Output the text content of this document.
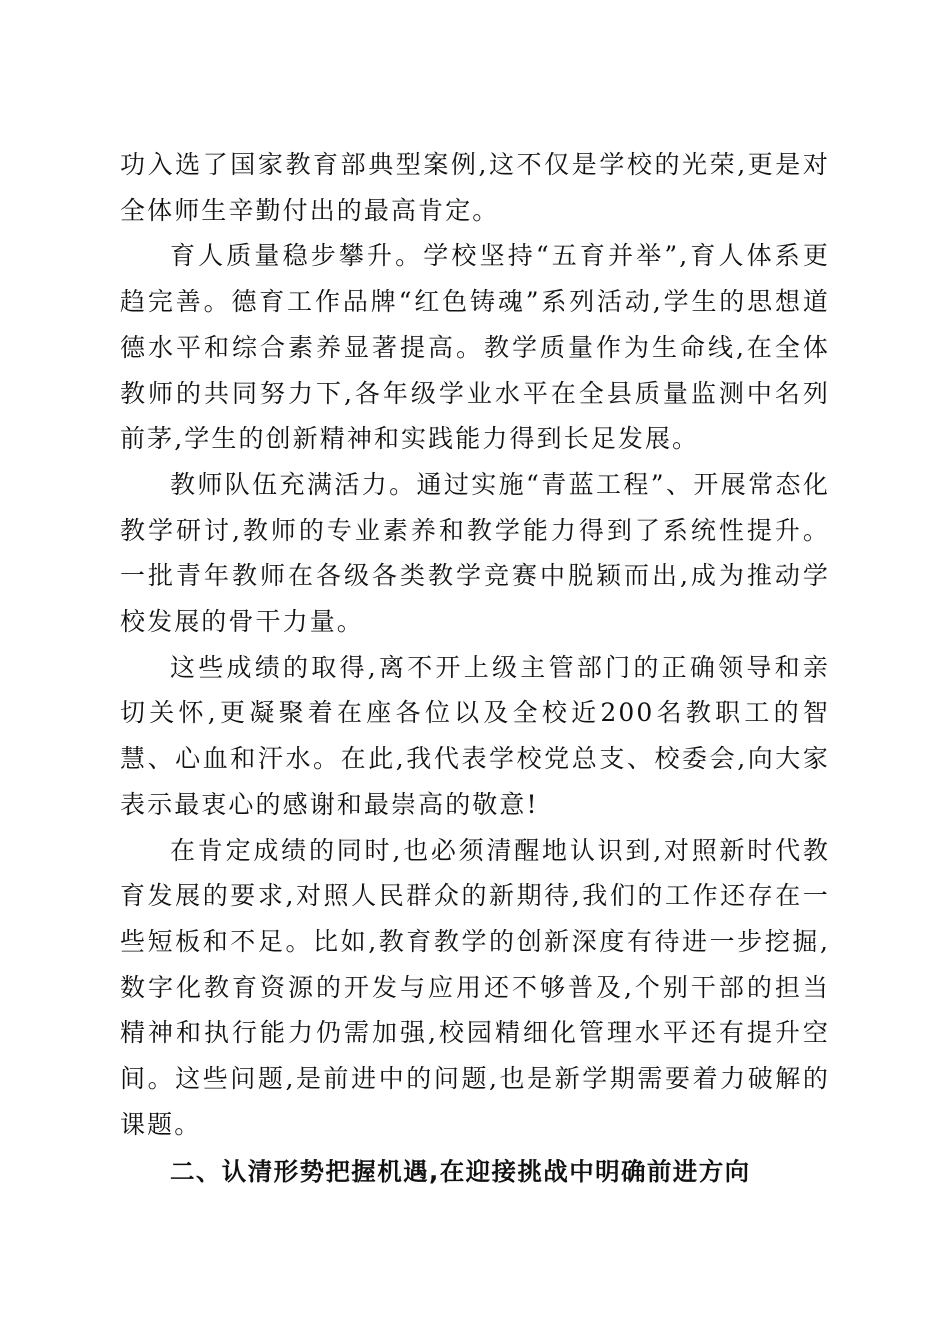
功入选了国家教育部典型案例,这不仅是学校的光荣,更是对全体师生辛勤付出的最高肯定。

育人质量稳步攀升。学校坚持“五育并举”,育人体系更趋完善。德育工作品牌“红色铸魂”系列活动,学生的思想道德水平和综合素养显著提高。教学质量作为生命线,在全体教师的共同努力下,各年级学业水平在全县质量监测中名列前茅,学生的创新精神和实践能力得到长足发展。

教师队伍充满活力。通过实施“青蓝工程”、开展常态化教学研讨,教师的专业素养和教学能力得到了系统性提升。一批青年教师在各级各类教学竞赛中脱颖而出,成为推动学校发展的骨干力量。

这些成绩的取得,离不开上级主管部门的正确领导和亲切关怀,更凝聚着在座各位以及全校近200名教职工的智慧、心血和汗水。在此,我代表学校党总支、校委会,向大家表示最衷心的感谢和最崇高的敬意!

在肯定成绩的同时,也必须清醒地认识到,对照新时代教育发展的要求,对照人民群众的新期待,我们的工作还存在一些短板和不足。比如,教育教学的创新深度有待进一步挖掘,数字化教育资源的开发与应用还不够普及,个别干部的担当精神和执行能力仍需加强,校园精细化管理水平还有提升空间。这些问题,是前进中的问题,也是新学期需要着力破解的课题。

二、认清形势把握机遇,在迎接挑战中明确前进方向
